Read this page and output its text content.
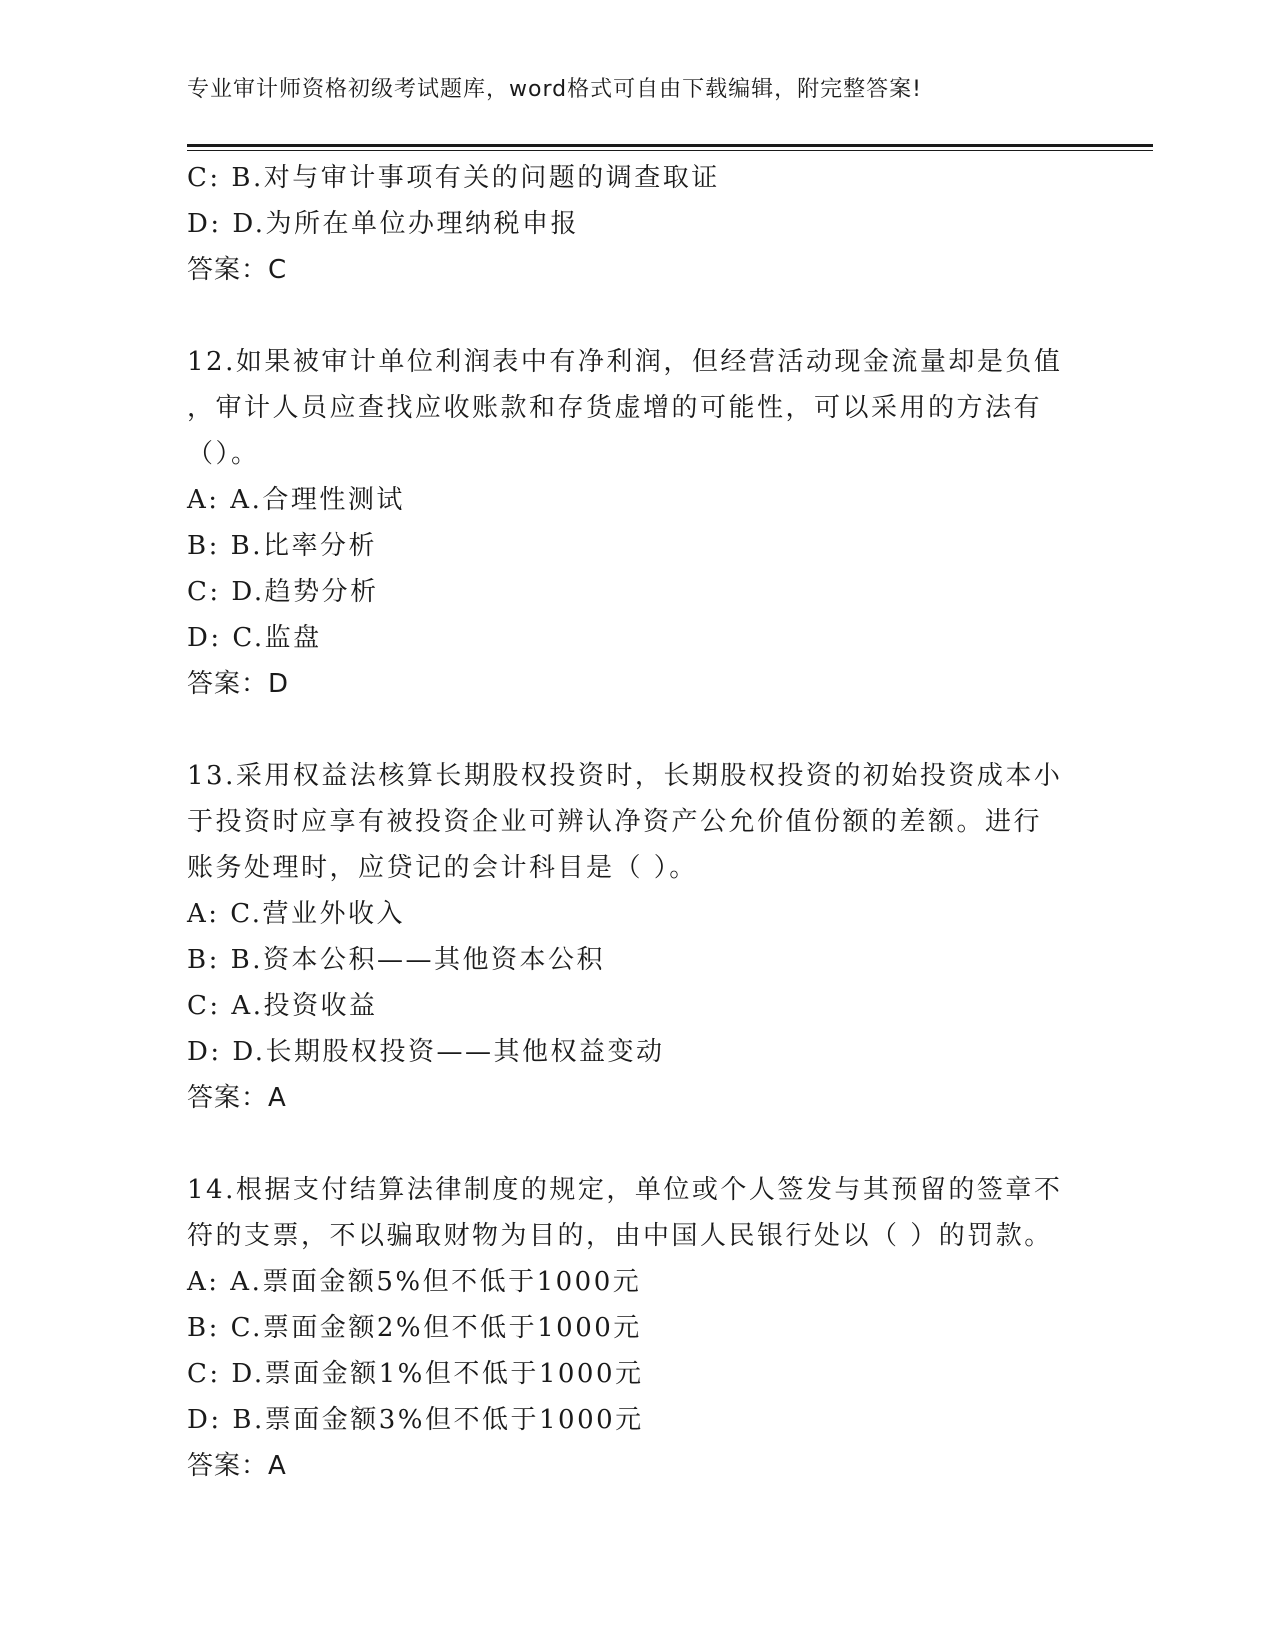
专业审计师资格初级考试题库，word格式可自由下载编辑，附完整答案!
C: B.对与审计事项有关的问题的调查取证
D: D.为所在单位办理纳税申报
答案：C
12.如果被审计单位利润表中有净利润，但经营活动现金流量却是负值
，审计人员应查找应收账款和存货虚增的可能性，可以采用的方法有
（）。
A: A.合理性测试
B: B.比率分析
C: D.趋势分析
D: C.监盘
答案：D
13.采用权益法核算长期股权投资时，长期股权投资的初始投资成本小
于投资时应享有被投资企业可辨认净资产公允价值份额的差额。进行
账务处理时，应贷记的会计科目是（ ）。
A: C.营业外收入
B: B.资本公积——其他资本公积
C: A.投资收益
D: D.长期股权投资——其他权益变动
答案：A
14.根据支付结算法律制度的规定，单位或个人签发与其预留的签章不
符的支票，不以骗取财物为目的，由中国人民银行处以（ ）的罚款。
A: A.票面金额5%但不低于1000元
B: C.票面金额2%但不低于1000元
C: D.票面金额1%但不低于1000元
D: B.票面金额3%但不低于1000元
答案：A
